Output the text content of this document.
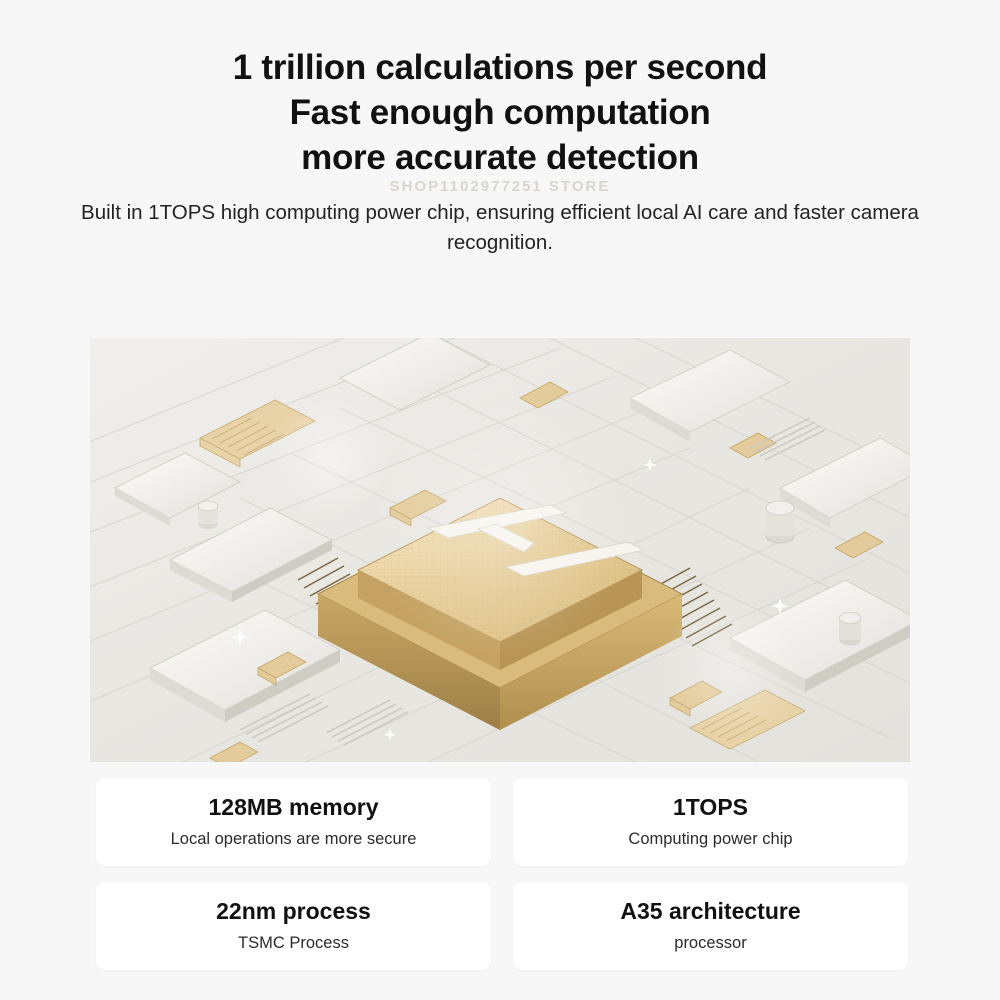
1 trillion calculations per second
Fast enough computation
more accurate detection

Built in 1TOPS high computing power chip, ensuring efficient local AI care and faster camera recognition.

SHOP1102977251 STORE
128MB memory
Local operations are more secure
1TOPS
Computing power chip
22nm process
TSMC Process
A35 architecture
processor
